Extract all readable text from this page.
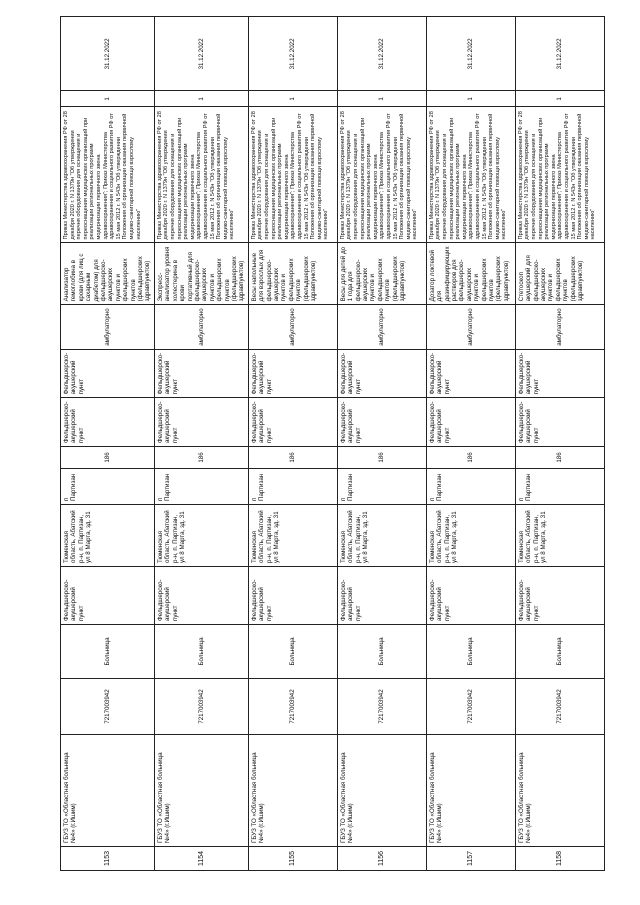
1153	ГБУЗ ТО «Областная больница №4» (г.Ишим)	7217003942	Больница	Фельдшерско-акушерский пункт	Тюменская область, Абатский р-н, п. Партизан, ул 8 Марта, зд. 31	п Партизан	186	Фельдшерско-акушерский пункт	Фельдшерско-акушерский пункт	амбулаторно	Анализатор гемоглобина в крови (для лиц с сахарным диабетом) для фельдшерско-акушерских пунктов и фельдшерских пунктов (фельдшерских здравпунктов)	Приказ Министерства здравоохранения РФ от 28 декабря 2020 г. N 1379н "Об утверждении перечня оборудования для оснащения и переоснащения медицинских организаций при реализации региональных программ модернизации первичного звена здравоохранения"; Приказ Министерства здравоохранения и социального развития РФ от 15 мая 2012 г. N 543н "Об утверждении Положения об организации оказания первичной медико-санитарной помощи взрослому населению"	1	31.12.2022
1154	ГБУЗ ТО «Областная больница №4» (г.Ишим)	7217003942	Больница	Фельдшерско-акушерский пункт	Тюменская область, Абатский р-н, п. Партизан, ул 8 Марта, зд. 31	п Партизан	186	Фельдшерско-акушерский пункт	Фельдшерско-акушерский пункт	амбулаторно	Экспресс-анализатор уровня холестерина в крови портативный для фельдшерско-акушерских пунктов и фельдшерских пунктов (фельдшерских здравпунктов)	Приказ Министерства здравоохранения РФ от 28 декабря 2020 г. N 1379н "Об утверждении перечня оборудования для оснащения и переоснащения медицинских организаций при реализации региональных программ модернизации первичного звена здравоохранения"; Приказ Министерства здравоохранения и социального развития РФ от 15 мая 2012 г. N 543н "Об утверждении Положения об организации оказания первичной медико-санитарной помощи взрослому населению"	1	31.12.2022
1155	ГБУЗ ТО «Областная больница №4» (г.Ишим)	7217003942	Больница	Фельдшерско-акушерский пункт	Тюменская область, Абатский р-н, п. Партизан, ул 8 Марта, зд. 31	п Партизан	186	Фельдшерско-акушерский пункт	Фельдшерско-акушерский пункт	амбулаторно	Весы напольные для взрослых для фельдшерско-акушерских пунктов и фельдшерских пунктов (фельдшерских здравпунктов)	Приказ Министерства здравоохранения РФ от 28 декабря 2020 г. N 1379н "Об утверждении перечня оборудования для оснащения и переоснащения медицинских организаций при реализации региональных программ модернизации первичного звена здравоохранения"; Приказ Министерства здравоохранения и социального развития РФ от 15 мая 2012 г. N 543н "Об утверждении Положения об организации оказания первичной медико-санитарной помощи взрослому населению"	1	31.12.2022
1156	ГБУЗ ТО «Областная больница №4» (г.Ишим)	7217003942	Больница	Фельдшерско-акушерский пункт	Тюменская область, Абатский р-н, п. Партизан, ул 8 Марта, зд. 31	п Партизан	186	Фельдшерско-акушерский пункт	Фельдшерско-акушерский пункт	амбулаторно	Весы для детей до 1 года для фельдшерско-акушерских пунктов и фельдшерских пунктов (фельдшерских здравпунктов)	Приказ Министерства здравоохранения РФ от 28 декабря 2020 г. N 1379н "Об утверждении перечня оборудования для оснащения и переоснащения медицинских организаций при реализации региональных программ модернизации первичного звена здравоохранения"; Приказ Министерства здравоохранения и социального развития РФ от 15 мая 2012 г. N 543н "Об утверждении Положения об организации оказания первичной медико-санитарной помощи взрослому населению"	1	31.12.2022
1157	ГБУЗ ТО «Областная больница №4» (г.Ишим)	7217003942	Больница	Фельдшерско-акушерский пункт	Тюменская область, Абатский р-н, п. Партизан, ул 8 Марта, зд. 31	п Партизан	186	Фельдшерско-акушерский пункт	Фельдшерско-акушерский пункт	амбулаторно	Дозатор локтевой для дезинфицирующих растворов для фельдшерско-акушерских пунктов и фельдшерских пунктов (фельдшерских здравпунктов)	Приказ Министерства здравоохранения РФ от 28 декабря 2020 г. N 1379н "Об утверждении перечня оборудования для оснащения и переоснащения медицинских организаций при реализации региональных программ модернизации первичного звена здравоохранения"; Приказ Министерства здравоохранения и социального развития РФ от 15 мая 2012 г. N 543н "Об утверждении Положения об организации оказания первичной медико-санитарной помощи взрослому населению"	1	31.12.2022
1158	ГБУЗ ТО «Областная больница №4» (г.Ишим)	7217003942	Больница	Фельдшерско-акушерский пункт	Тюменская область, Абатский р-н, п. Партизан, ул 8 Марта, зд. 31	п Партизан	186	Фельдшерско-акушерский пункт	Фельдшерско-акушерский пункт	амбулаторно	Стетоскоп акушерский для фельдшерско-акушерских пунктов и фельдшерских пунктов (фельдшерских здравпунктов)	Приказ Министерства здравоохранения РФ от 28 декабря 2020 г. N 1379н "Об утверждении перечня оборудования для оснащения и переоснащения медицинских организаций при реализации региональных программ модернизации первичного звена здравоохранения"; Приказ Министерства здравоохранения и социального развития РФ от 15 мая 2012 г. N 543н "Об утверждении Положения об организации оказания первичной медико-санитарной помощи взрослому населению"	1	31.12.2022
